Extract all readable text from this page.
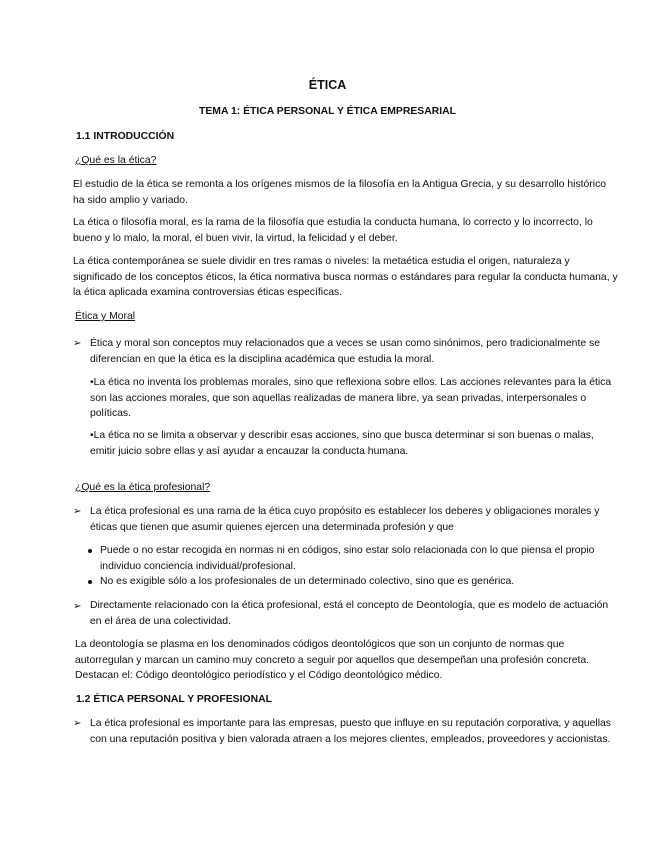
ÉTICA

TEMA 1: ÉTICA PERSONAL Y ÉTICA EMPRESARIAL

1.1 INTRODUCCIÓN

¿Qué es la ética?

El estudio de la ética se remonta a los orígenes mismos de la filosofía en la Antigua Grecia, y su desarrollo histórico ha sido amplio y variado.

La ética o filosofía moral, es la rama de la filosofía que estudia la conducta humana, lo correcto y lo incorrecto, lo bueno y lo malo, la moral, el buen vivir, la virtud, la felicidad y el deber.

La ética contemporánea se suele dividir en tres ramas o niveles: la metaética estudia el origen, naturaleza y significado de los conceptos éticos, la ética normativa busca normas o estándares para regular la conducta humana, y la ética aplicada examina controversias éticas específicas.

Ética y Moral

➢ Ética y moral son conceptos muy relacionados que a veces se usan como sinónimos, pero tradicionalmente se diferencian en que la ética es la disciplina académica que estudia la moral.

•La ética no inventa los problemas morales, sino que reflexiona sobre ellos. Las acciones relevantes para la ética son las acciones morales, que son aquellas realizadas de manera libre, ya sean privadas, interpersonales o políticas.

•La ética no se limita a observar y describir esas acciones, sino que busca determinar si son buenas o malas, emitir juicio sobre ellas y así ayudar a encauzar la conducta humana.

¿Qué es la ética profesional?

➢ La ética profesional es una rama de la ética cuyo propósito es establecer los deberes y obligaciones morales y éticas que tienen que asumir quienes ejercen una determinada profesión y que

Puede o no estar recogida en normas ni en códigos, sino estar solo relacionada con lo que piensa el propio individuo conciencia individual/profesional.

No es exigible sólo a los profesionales de un determinado colectivo, sino que es genérica.

➢ Directamente relacionado con la ética profesional, está el concepto de Deontología, que es modelo de actuación en el área de una colectividad.

La deontología se plasma en los denominados códigos deontológicos que son un conjunto de normas que autorregulan y marcan un camino muy concreto a seguir por aquellos que desempeñan una profesión concreta. Destacan el: Código deontológico periodístico y el Código deontológico médico.

1.2 ÉTICA PERSONAL Y PROFESIONAL

➢ La ética profesional es importante para las empresas, puesto que influye en su reputación corporativa, y aquellas con una reputación positiva y bien valorada atraen a los mejores clientes, empleados, proveedores y accionistas.
